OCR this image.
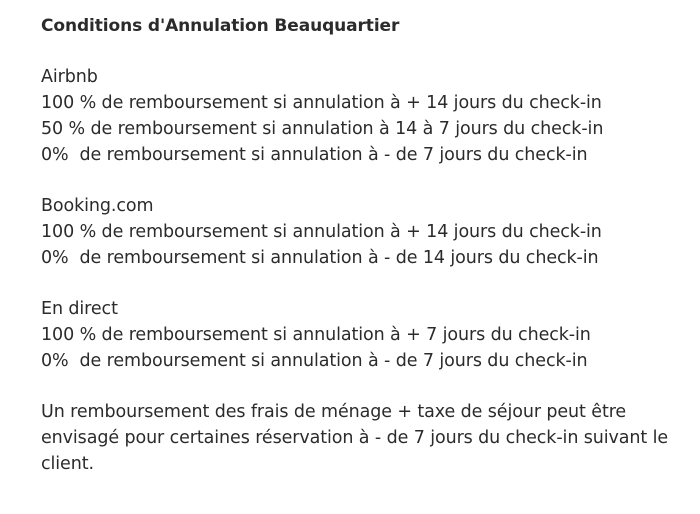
Conditions d'Annulation Beauquartier
Airbnb
100 % de remboursement si annulation à + 14 jours du check-in
50 % de remboursement si annulation à 14 à 7 jours du check-in
0%  de remboursement si annulation à - de 7 jours du check-in
Booking.com
100 % de remboursement si annulation à + 14 jours du check-in
0%  de remboursement si annulation à - de 14 jours du check-in
En direct
100 % de remboursement si annulation à + 7 jours du check-in
0%  de remboursement si annulation à - de 7 jours du check-in
Un remboursement des frais de ménage + taxe de séjour peut être
envisagé pour certaines réservation à - de 7 jours du check-in suivant le
client.
